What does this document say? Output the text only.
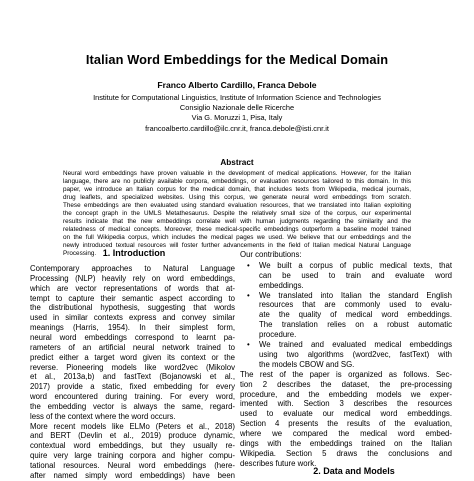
Italian Word Embeddings for the Medical Domain
Franco Alberto Cardillo, Franca Debole
Institute for Computational Linguistics, Institute of Information Science and Technologies
Consiglio Nazionale delle Ricerche
Via G. Moruzzi 1, Pisa, Italy
francoalberto.cardillo@ilc.cnr.it, franca.debole@isti.cnr.it
Abstract
Neural word embeddings have proven valuable in the development of medical applications. However, for the Italian
language, there are no publicly available corpora, embeddings, or evaluation resources tailored to this domain. In this
paper, we introduce an Italian corpus for the medical domain, that includes texts from Wikipedia, medical journals,
drug leaflets, and specialized websites. Using this corpus, we generate neural word embeddings from scratch.
These embeddings are then evaluated using standard evaluation resources, that we translated into Italian exploiting
the concept graph in the UMLS Metathesaurus. Despite the relatively small size of the corpus, our experimental
results indicate that the new embeddings correlate well with human judgments regarding the similarity and the
relatedness of medical concepts. Moreover, these medical-specific embeddings outperform a baseline model trained
on the full Wikipedia corpus, which includes the medical pages we used. We believe that our embeddings and the
newly introduced textual resources will foster further advancements in the field of Italian medical Natural Language
Processing. 1. Introduction
Contemporary approaches to Natural Language
Processing (NLP) heavily rely on word embeddings,
which are vector representations of words that at-
tempt to capture their semantic aspect according to
the distributional hypothesis, suggesting that words
used in similar contexts express and convey similar
meanings (Harris, 1954). In their simplest form,
neural word embeddings correspond to learnt pa-
rameters of an artificial neural network trained to
predict either a target word given its context or the
reverse. Pioneering models like word2vec (Mikolov
et al., 2013a,b) and fastText (Bojanowski et al.,
2017) provide a static, fixed embedding for every
word encountered during training. For every word,
the embedding vector is always the same, regard-
less of the context where the word occurs.
More recent models like ELMo (Peters et al., 2018)
and BERT (Devlin et al., 2019) produce dynamic,
contextual word embeddings, but they usually re-
quire very large training corpora and higher compu-
tational resources. Neural word embeddings (here-
after named simply word embeddings) have been
Our contributions:
• We built a corpus of public medical texts, that
can be used to train and evaluate word
embeddings.
• We translated into Italian the standard English
resources that are commonly used to evalu-
ate the quality of medical word embeddings.
The translation relies on a robust automatic
procedure.
• We trained and evaluated medical embeddings
using two algorithms (word2vec, fastText) with
the models CBOW and SG.
The rest of the paper is organized as follows. Sec-
tion 2 describes the dataset, the pre-processing
procedure, and the embedding models we exper-
imented with. Section 3 describes the resources
used to evaluate our medical word embeddings.
Section 4 presents the results of the evaluation,
where we compared the medical word embed-
dings with the embeddings trained on the Italian
Wikipedia. Section 5 draws the conclusions and
describes future work.
2. Data and Models
